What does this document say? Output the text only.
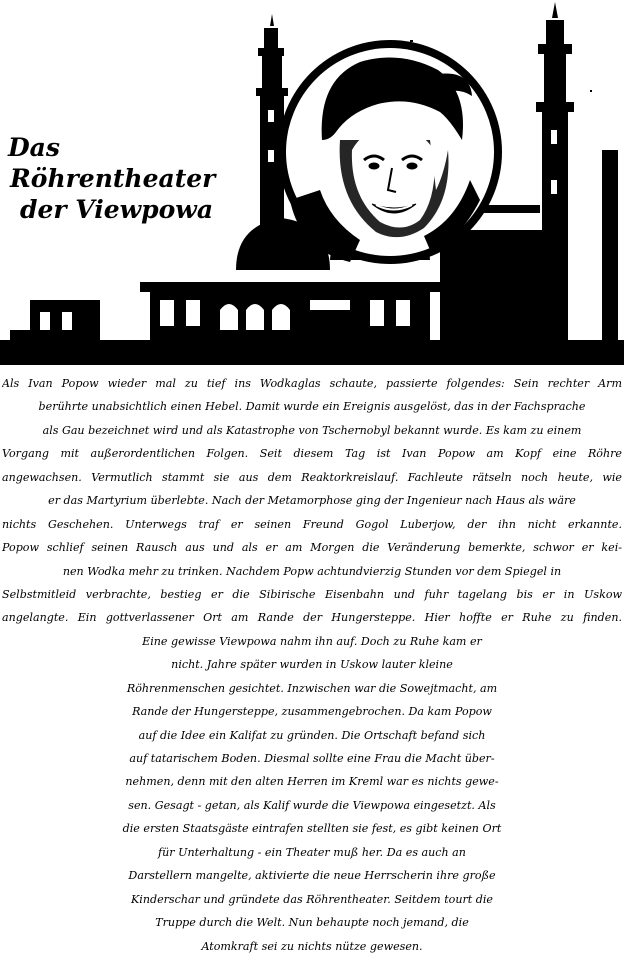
Das
Röhrentheater
der Viewpowa

Als Ivan Popow wieder mal zu tief ins Wodkaglas schaute, passierte folgendes: Sein rechter Arm

berührte unabsichtlich einen Hebel. Damit wurde ein Ereignis ausgelöst, das in der Fachsprache

als Gau bezeichnet wird und als Katastrophe von Tschernobyl bekannt wurde. Es kam zu einem

Vorgang mit außerordentlichen Folgen. Seit diesem Tag ist Ivan Popow am Kopf eine Röhre

angewachsen. Vermutlich stammt sie aus dem Reaktorkreislauf. Fachleute rätseln noch heute, wie

er das Martyrium überlebte. Nach der Metamorphose ging der Ingenieur nach Haus als wäre

nichts Geschehen. Unterwegs traf er seinen Freund Gogol Luberjow, der ihn nicht erkannte.

Popow schlief seinen Rausch aus und als er am Morgen die Veränderung bemerkte, schwor er kei-

nen Wodka mehr zu trinken. Nachdem Popw achtundvierzig Stunden vor dem Spiegel in

Selbstmitleid verbrachte, bestieg er die Sibirische Eisenbahn und fuhr tagelang bis er in Uskow

angelangte. Ein gottverlassener Ort am Rande der Hungersteppe. Hier hoffte er Ruhe zu finden.

Eine gewisse Viewpowa nahm ihn auf. Doch zu Ruhe kam er

nicht. Jahre später wurden in Uskow lauter kleine

Röhrenmenschen gesichtet. Inzwischen war die Sowejtmacht, am

Rande der Hungersteppe, zusammengebrochen. Da kam Popow

auf die Idee ein Kalifat zu gründen. Die Ortschaft befand sich

auf tatarischem Boden. Diesmal sollte eine Frau die Macht über-

nehmen, denn mit den alten Herren im Kreml war es nichts gewe-

sen. Gesagt - getan, als Kalif wurde die Viewpowa eingesetzt. Als

die ersten Staatsgäste eintrafen stellten sie fest, es gibt keinen Ort

für Unterhaltung - ein Theater muß her. Da es auch an

Darstellern mangelte, aktivierte die neue Herrscherin ihre große

Kinderschar und gründete das Röhrentheater. Seitdem tourt die

Truppe durch die Welt. Nun behaupte noch jemand, die

Atomkraft sei zu nichts nütze gewesen.
